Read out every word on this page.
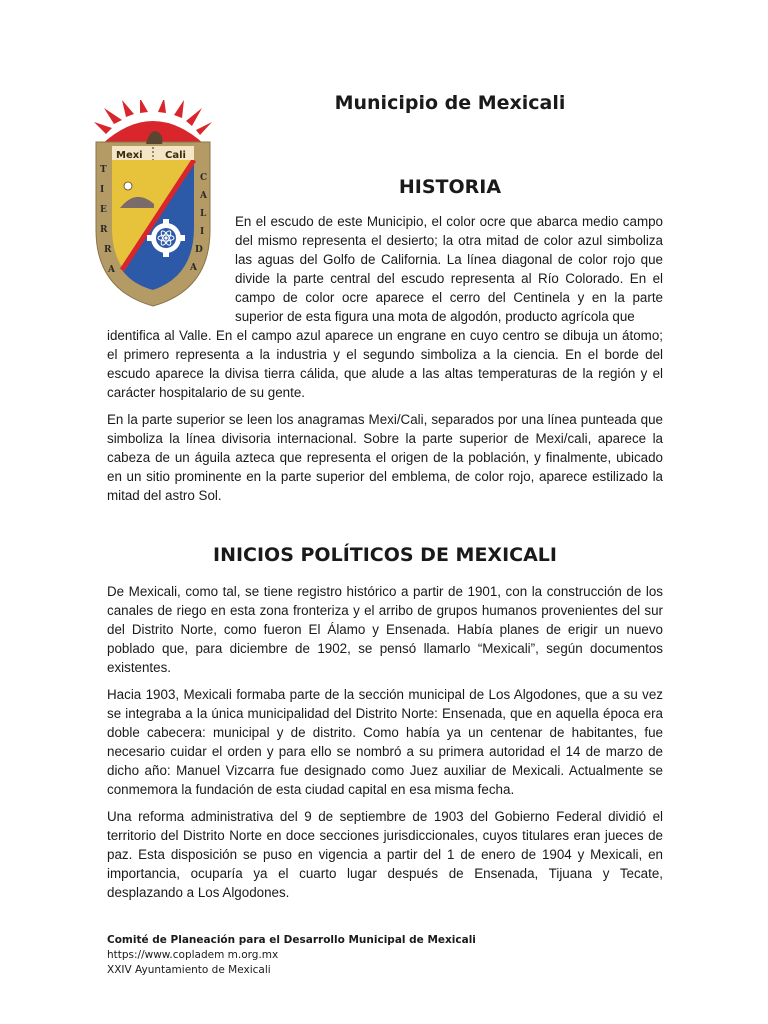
Municipio de Mexicali
Mexi Cali
T I E R R A
C A L I D A
HISTORIA

En el escudo de este Municipio, el color ocre que abarca medio campo del mismo representa el desierto; la otra mitad de color azul simboliza las aguas del Golfo de California. La línea diagonal de color rojo que divide la parte central del escudo representa al Río Colorado. En el campo de color ocre aparece el cerro del Centinela y en la parte superior de esta figura una mota de algodón, producto agrícola que

identifica al Valle. En el campo azul aparece un engrane en cuyo centro se dibuja un átomo; el primero representa a la industria y el segundo simboliza a la ciencia. En el borde del escudo aparece la divisa tierra cálida, que alude a las altas temperaturas de la región y el carácter hospitalario de su gente.

En la parte superior se leen los anagramas Mexi/Cali, separados por una línea punteada que simboliza la línea divisoria internacional. Sobre la parte superior de Mexi/cali, aparece la cabeza de un águila azteca que representa el origen de la población, y finalmente, ubicado en un sitio prominente en la parte superior del emblema, de color rojo, aparece estilizado la mitad del astro Sol.

INICIOS POLÍTICOS DE MEXICALI

De Mexicali, como tal, se tiene registro histórico a partir de 1901, con la construcción de los canales de riego en esta zona fronteriza y el arribo de grupos humanos provenientes del sur del Distrito Norte, como fueron El Álamo y Ensenada. Había planes de erigir un nuevo poblado que, para diciembre de 1902, se pensó llamarlo “Mexicali”, según documentos existentes.

Hacia 1903, Mexicali formaba parte de la sección municipal de Los Algodones, que a su vez se integraba a la única municipalidad del Distrito Norte: Ensenada, que en aquella época era doble cabecera: municipal y de distrito. Como había ya un centenar de habitantes, fue necesario cuidar el orden y para ello se nombró a su primera autoridad el 14 de marzo de dicho año: Manuel Vizcarra fue designado como Juez auxiliar de Mexicali. Actualmente se conmemora la fundación de esta ciudad capital en esa misma fecha.

Una reforma administrativa del 9 de septiembre de 1903 del Gobierno Federal dividió el territorio del Distrito Norte en doce secciones jurisdiccionales, cuyos titulares eran jueces de paz. Esta disposición se puso en vigencia a partir del 1 de enero de 1904 y Mexicali, en importancia, ocuparía ya el cuarto lugar después de Ensenada, Tijuana y Tecate, desplazando a Los Algodones.

Comité de Planeación para el Desarrollo Municipal de Mexicali
https://www.copladem m.org.mx
XXIV Ayuntamiento de Mexicali
